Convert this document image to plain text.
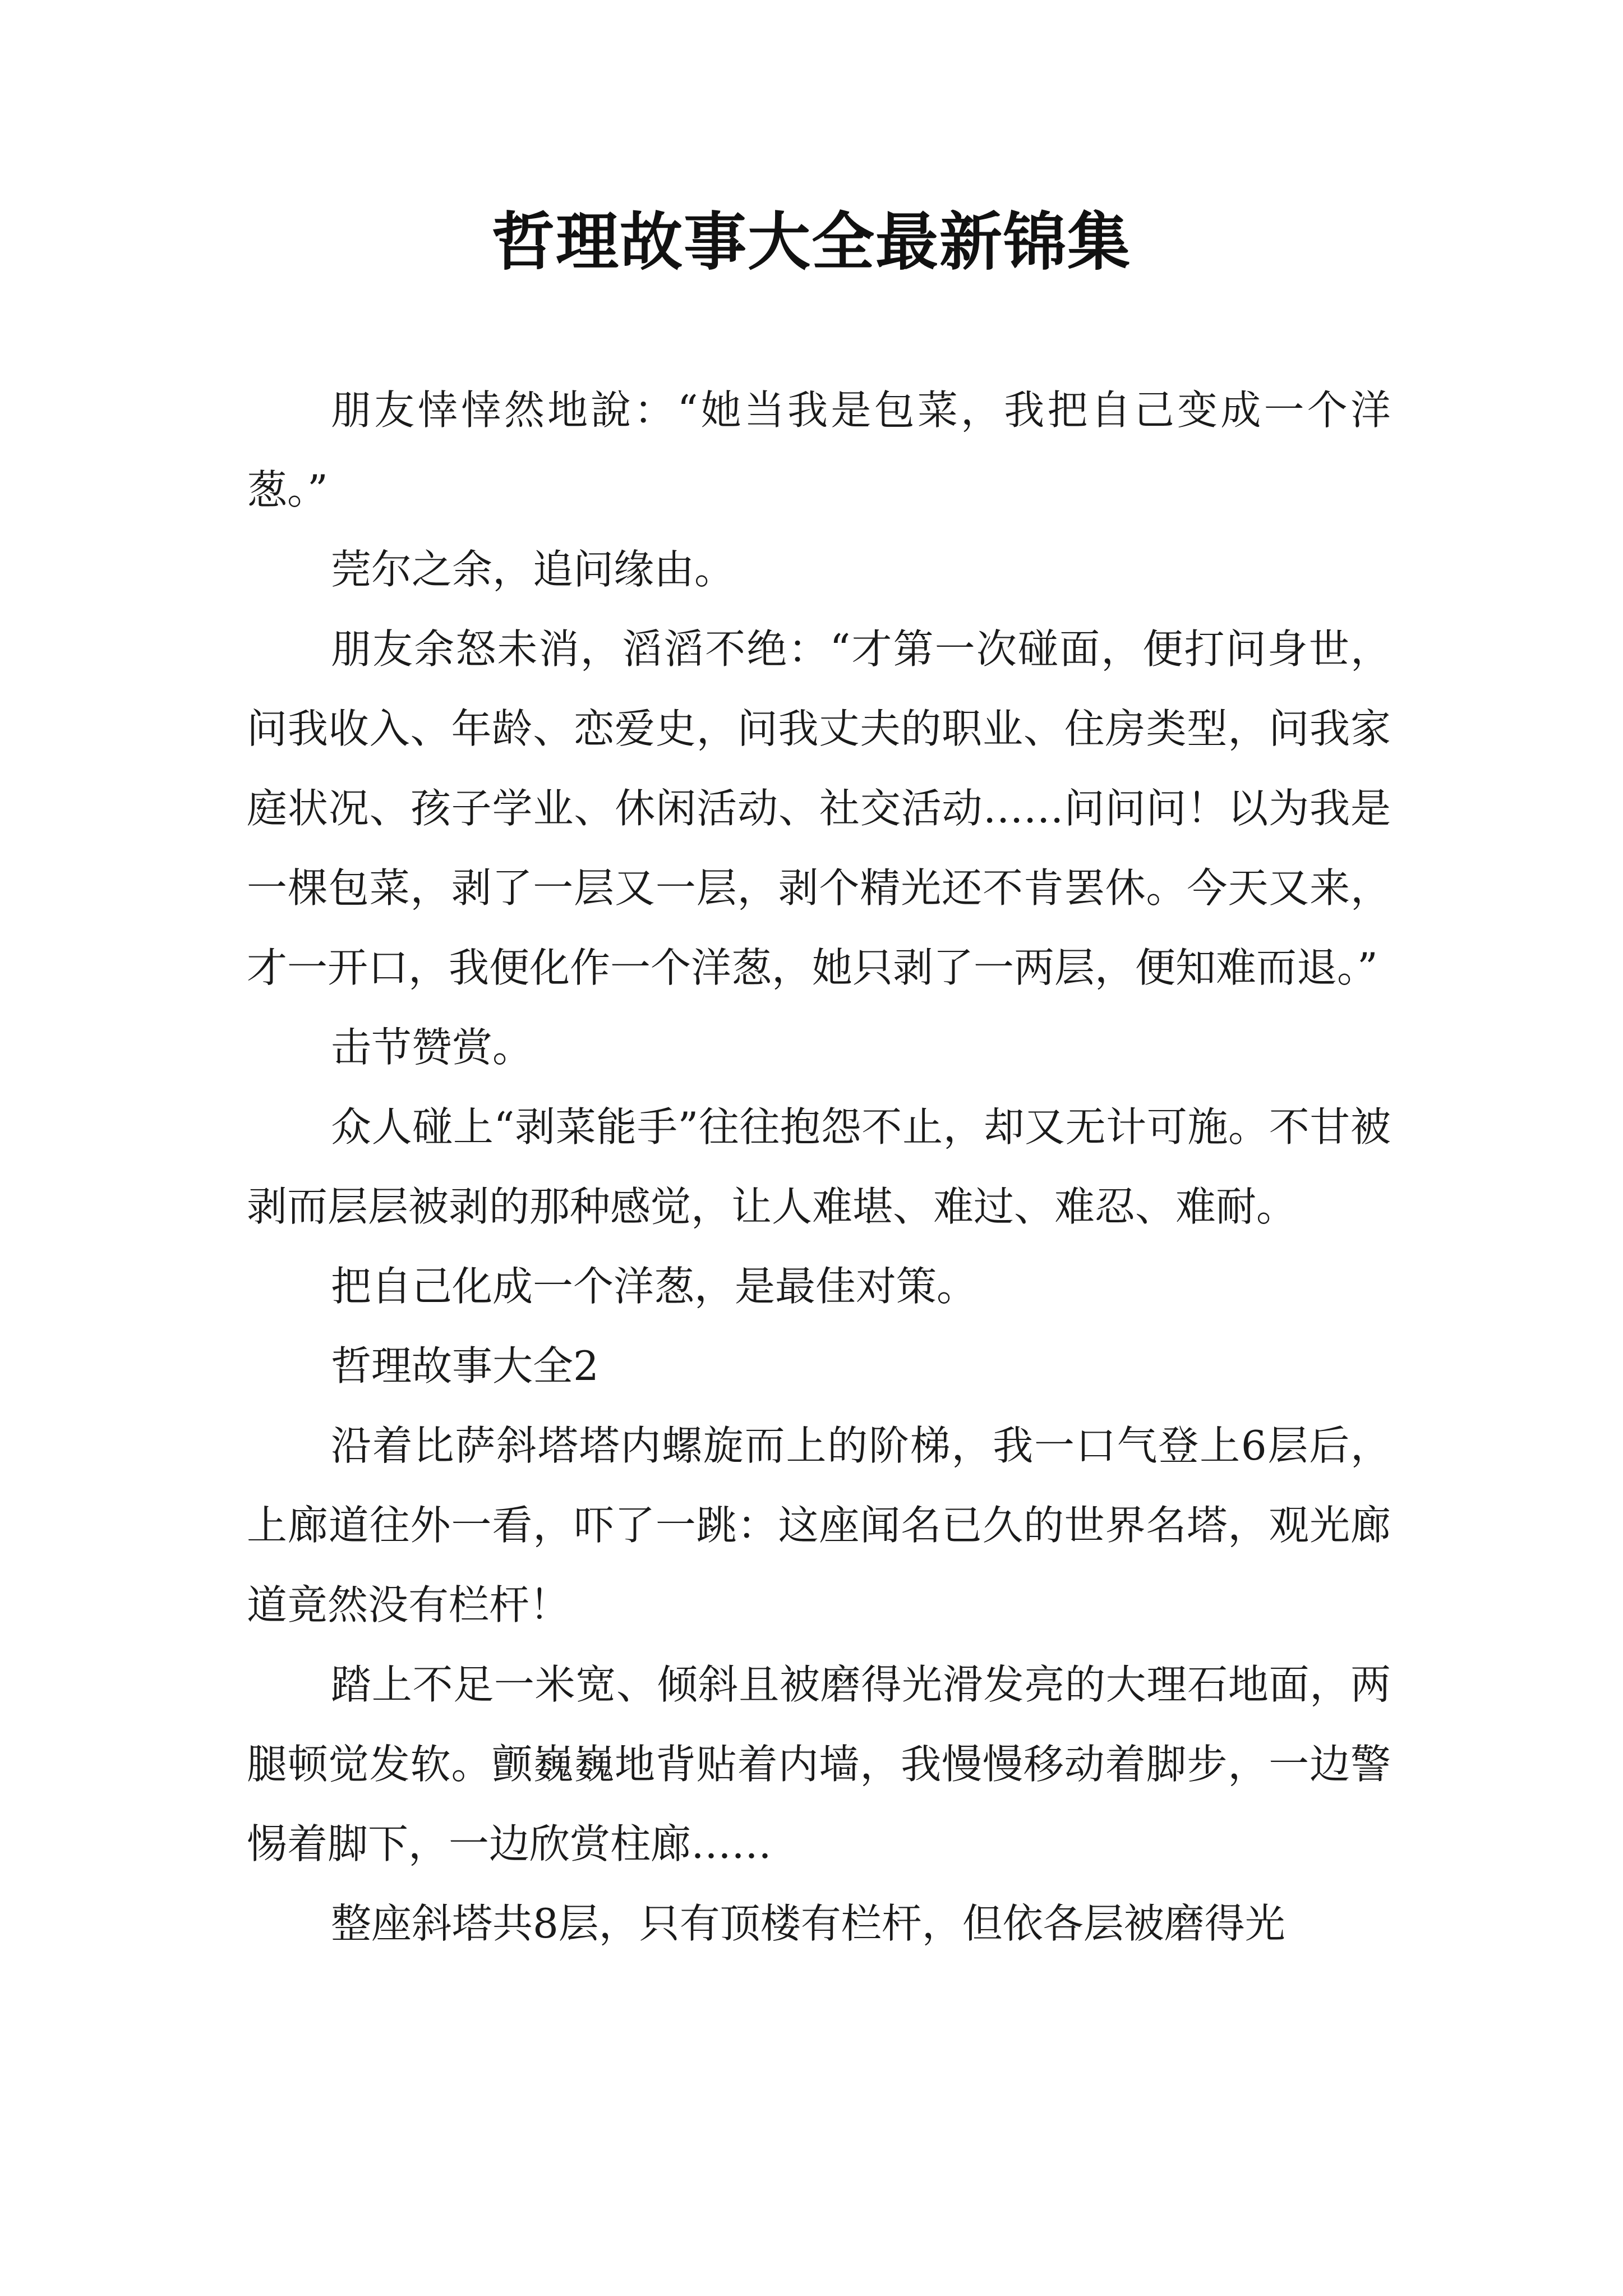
哲理故事大全最新锦集

朋友悻悻然地說：“她当我是包菜，我把自己变成一个洋葱。”

莞尔之余，追问缘由。

朋友余怒未消，滔滔不绝：“才第一次碰面，便打问身世，问我收入、年龄、恋爱史，问我丈夫的职业、住房类型，问我家庭状况、孩子学业、休闲活动、社交活动……问问问！以为我是一棵包菜，剥了一层又一层，剥个精光还不肯罢休。今天又来，才一开口，我便化作一个洋葱，她只剥了一两层，便知难而退。”

击节赞赏。

众人碰上“剥菜能手”往往抱怨不止，却又无计可施。不甘被剥而层层被剥的那种感觉，让人难堪、难过、难忍、难耐。

把自己化成一个洋葱，是最佳对策。

哲理故事大全2

沿着比萨斜塔塔内螺旋而上的阶梯，我一口气登上6层后，上廊道往外一看，吓了一跳：这座闻名已久的世界名塔，观光廊道竟然没有栏杆！

踏上不足一米宽、倾斜且被磨得光滑发亮的大理石地面，两腿顿觉发软。颤巍巍地背贴着内墙，我慢慢移动着脚步，一边警惕着脚下，一边欣赏柱廊……

整座斜塔共8层，只有顶楼有栏杆，但依各层被磨得光
